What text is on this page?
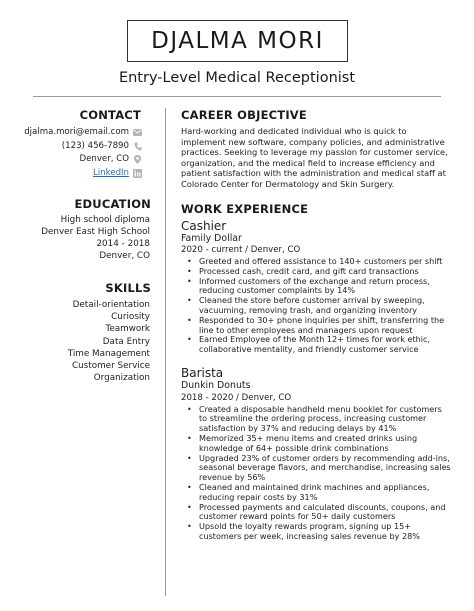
DJALMA MORI
Entry-Level Medical Receptionist
CONTACT
djalma.mori@email.com
(123) 456-7890
Denver, CO
LinkedIn
EDUCATION
High school diploma
Denver East High School
2014 - 2018
Denver, CO
SKILLS
Detail-orientation
Curiosity
Teamwork
Data Entry
Time Management
Customer Service
Organization
CAREER OBJECTIVE

Hard-working and dedicated individual who is quick to implement new software, company policies, and administrative practices. Seeking to leverage my passion for customer service, organization, and the medical field to increase efficiency and patient satisfaction with the administration and medical staff at Colorado Center for Dermatology and Skin Surgery.

WORK EXPERIENCE
Cashier
Family Dollar
2020 - current / Denver, CO
• Greeted and offered assistance to 140+ customers per shift
• Processed cash, credit card, and gift card transactions
• Informed customers of the exchange and return process, reducing customer complaints by 14%
• Cleaned the store before customer arrival by sweeping, vacuuming, removing trash, and organizing inventory
• Responded to 30+ phone inquiries per shift, transferring the line to other employees and managers upon request
• Earned Employee of the Month 12+ times for work ethic, collaborative mentality, and friendly customer service
Barista
Dunkin Donuts
2018 - 2020 / Denver, CO
• Created a disposable handheld menu booklet for customers to streamline the ordering process, increasing customer satisfaction by 37% and reducing delays by 41%
• Memorized 35+ menu items and created drinks using knowledge of 64+ possible drink combinations
• Upgraded 23% of customer orders by recommending add-ins, seasonal beverage flavors, and merchandise, increasing sales revenue by 56%
• Cleaned and maintained drink machines and appliances, reducing repair costs by 31%
• Processed payments and calculated discounts, coupons, and customer reward points for 50+ daily customers
• Upsold the loyalty rewards program, signing up 15+ customers per week, increasing sales revenue by 28%
